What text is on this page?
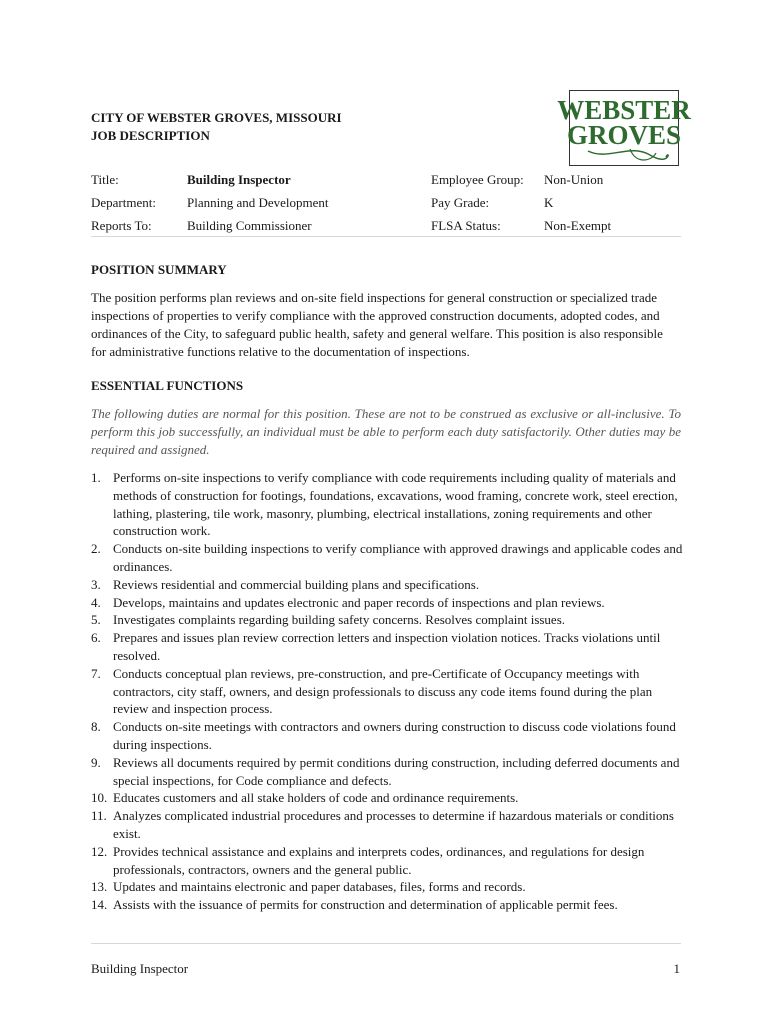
CITY OF WEBSTER GROVES, MISSOURI
JOB DESCRIPTION
WEBSTER
GROVES
Title:	Building Inspector	Employee Group:	Non-Union
Department:	Planning and Development	Pay Grade:	K
Reports To:	Building Commissioner	FLSA Status:	Non-Exempt
POSITION SUMMARY
The position performs plan reviews and on-site field inspections for general construction or specialized trade inspections of properties to verify compliance with the approved construction documents, adopted codes, and ordinances of the City, to safeguard public health, safety and general welfare. This position is also responsible for administrative functions relative to the documentation of inspections.
ESSENTIAL FUNCTIONS
The following duties are normal for this position. These are not to be construed as exclusive or all-inclusive. To perform this job successfully, an individual must be able to perform each duty satisfactorily. Other duties may be required and assigned.
1. Performs on-site inspections to verify compliance with code requirements including quality of materials and methods of construction for footings, foundations, excavations, wood framing, concrete work, steel erection, lathing, plastering, tile work, masonry, plumbing, electrical installations, zoning requirements and other construction work.
2. Conducts on-site building inspections to verify compliance with approved drawings and applicable codes and ordinances.
3. Reviews residential and commercial building plans and specifications.
4. Develops, maintains and updates electronic and paper records of inspections and plan reviews.
5. Investigates complaints regarding building safety concerns. Resolves complaint issues.
6. Prepares and issues plan review correction letters and inspection violation notices. Tracks violations until resolved.
7. Conducts conceptual plan reviews, pre-construction, and pre-Certificate of Occupancy meetings with contractors, city staff, owners, and design professionals to discuss any code items found during the plan review and inspection process.
8. Conducts on-site meetings with contractors and owners during construction to discuss code violations found during inspections.
9. Reviews all documents required by permit conditions during construction, including deferred documents and special inspections, for Code compliance and defects.
10. Educates customers and all stake holders of code and ordinance requirements.
11. Analyzes complicated industrial procedures and processes to determine if hazardous materials or conditions exist.
12. Provides technical assistance and explains and interprets codes, ordinances, and regulations for design professionals, contractors, owners and the general public.
13. Updates and maintains electronic and paper databases, files, forms and records.
14. Assists with the issuance of permits for construction and determination of applicable permit fees.
Building Inspector	1
